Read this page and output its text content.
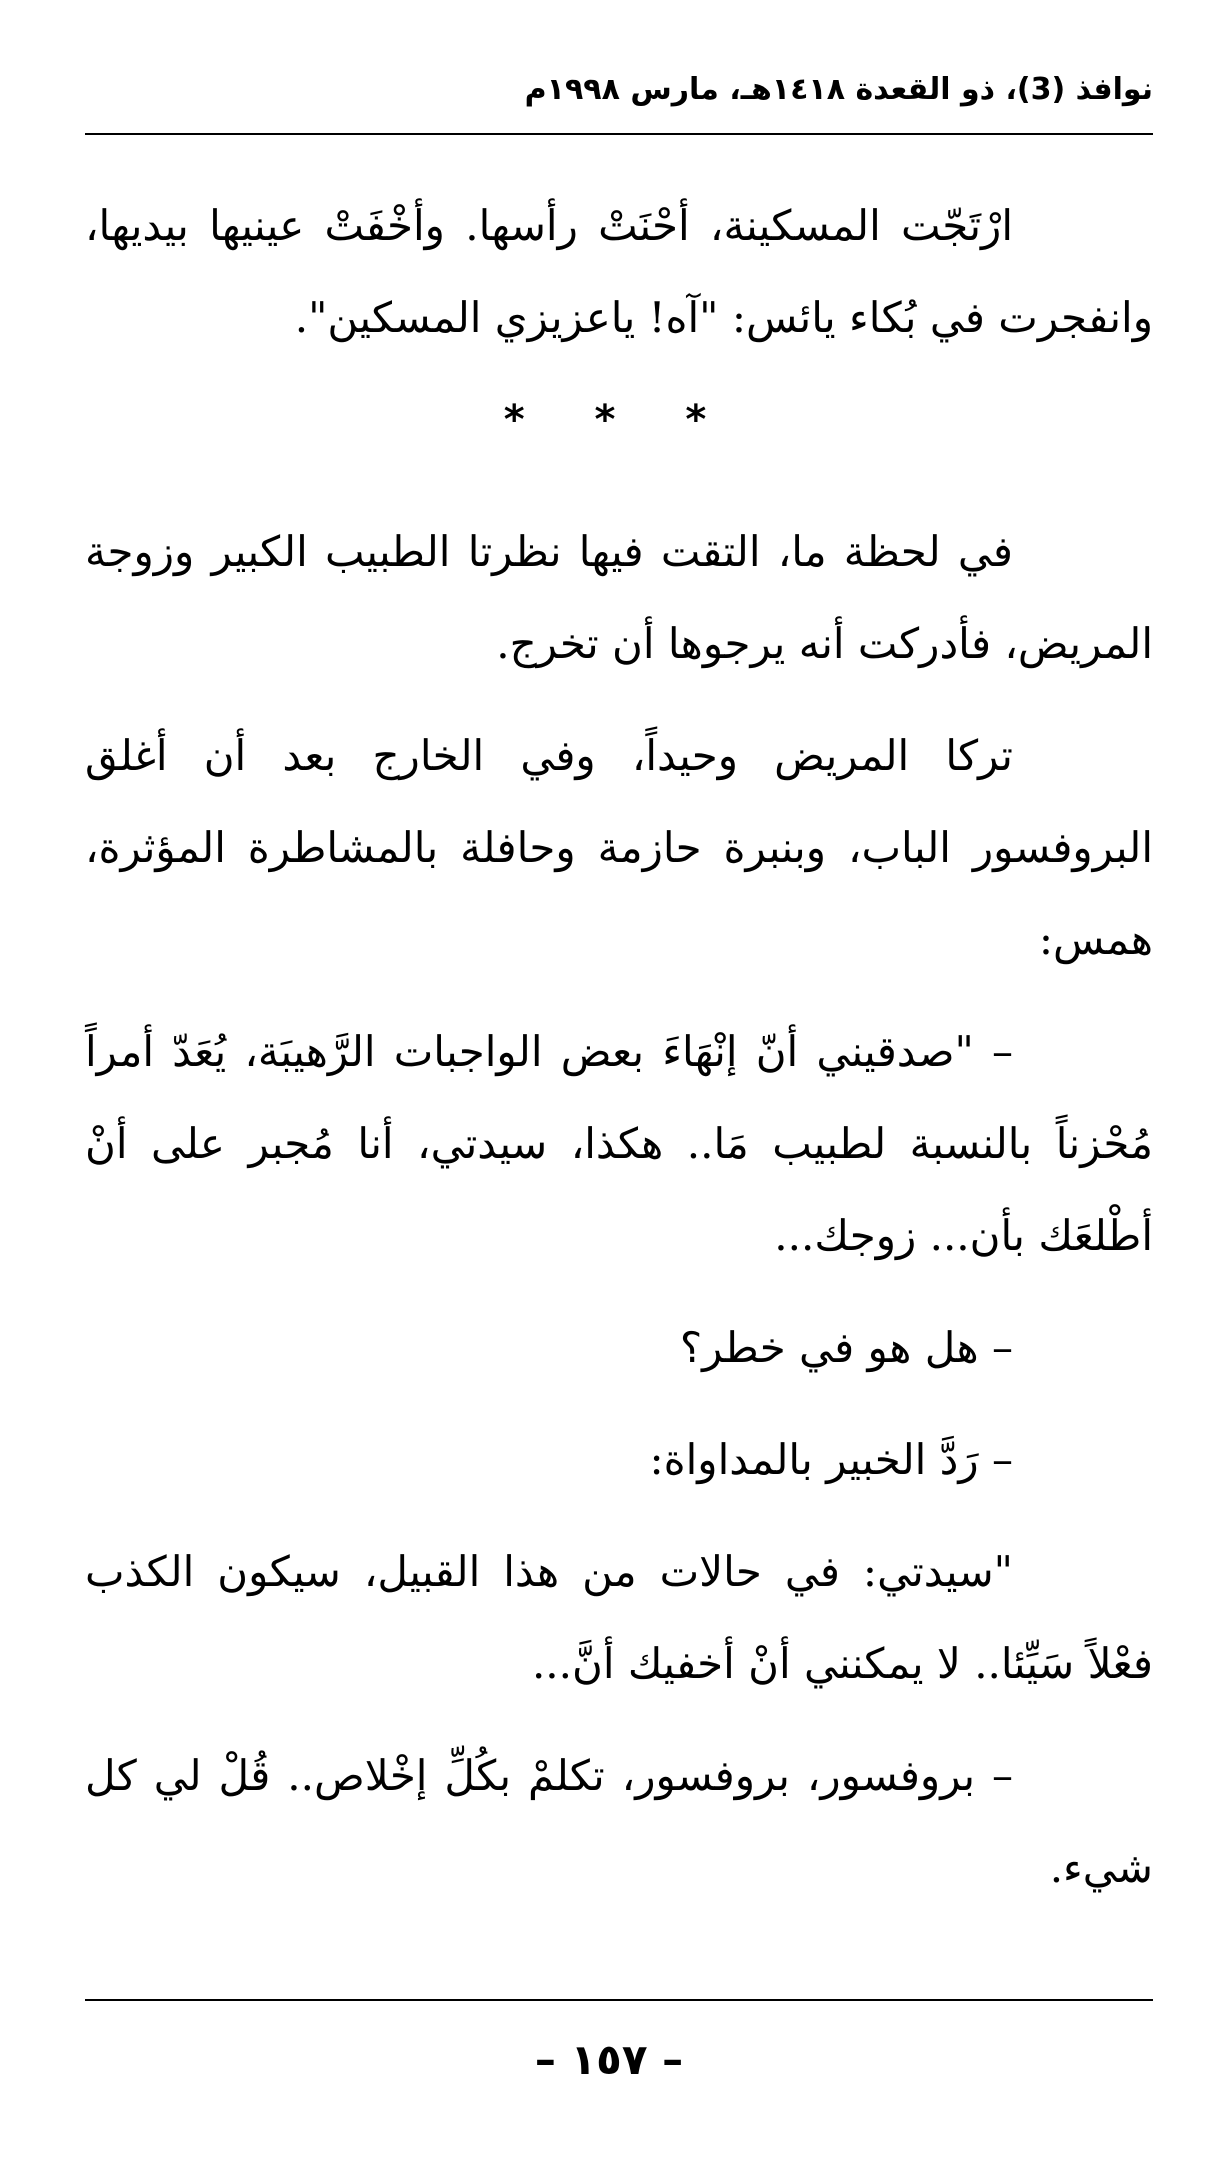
نوافذ (3)، ذو القعدة ١٤١٨هـ، مارس ١٩٩٨م

ارْتَجّت المسكينة، أحْنَتْ رأسها. وأخْفَتْ عينيها بيديها، وانفجرت في بُكاء يائس: "آه! ياعزيزي المسكين".

* * *

في لحظة ما، التقت فيها نظرتا الطبيب الكبير وزوجة المريض، فأدركت أنه يرجوها أن تخرج.

تركا المريض وحيداً، وفي الخارج بعد أن أغلق البروفسور الباب، وبنبرة حازمة وحافلة بالمشاطرة المؤثرة، همس:

– "صدقيني أنّ إنْهَاءَ بعض الواجبات الرَّهيبَة، يُعَدّ أمراً مُحْزناً بالنسبة لطبيب مَا.. هكذا، سيدتي، أنا مُجبر على أنْ أطْلعَك بأن... زوجك...

– هل هو في خطر؟

– رَدَّ الخبير بالمداواة:

"سيدتي: في حالات من هذا القبيل، سيكون الكذب فعْلاً سَيِّئا.. لا يمكنني أنْ أخفيك أنَّ...

– بروفسور، بروفسور، تكلمْ بكُلِّ إخْلاص.. قُلْ لي كل شيء.

– ١٥٧ –
